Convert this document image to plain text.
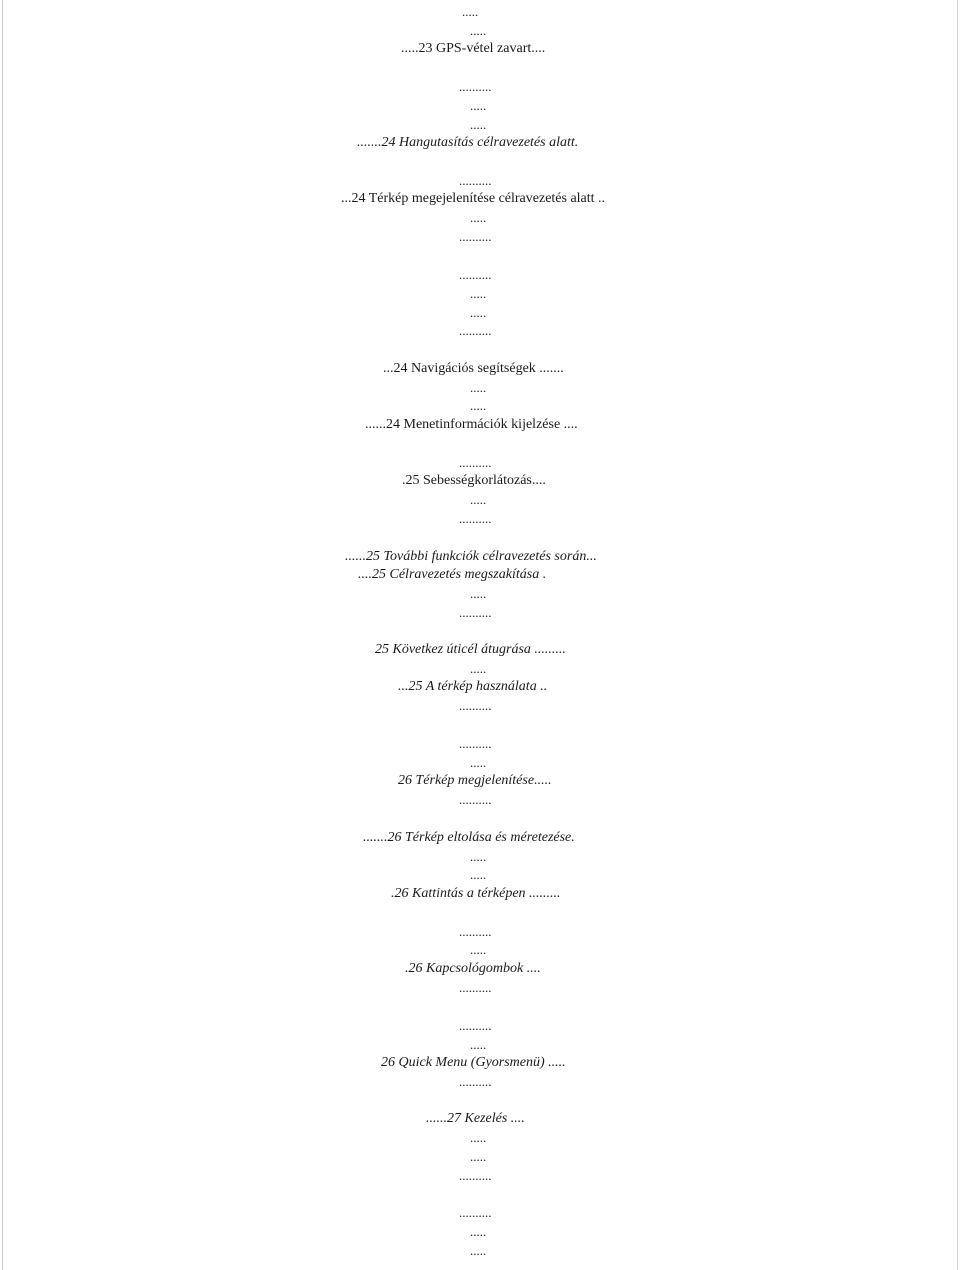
.....
.....
.....23 GPS-vétel zavart....
..........
.....
.....
.......24 Hangutasítás célravezetés alatt.
..........
...24 Térkép megejelenítése célravezetés alatt ..
.....
..........
..........
.....
.....
..........
...24 Navigációs segítségek .......
.....
.....
......24 Menetinformációk kijelzése ....
..........
.25 Sebességkorlátozás....
.....
..........
......25 További funkciók célravezetés során...
....25 Célravezetés megszakítása .
.....
..........
25 Következ úticél átugrása .........
.....
...25 A térkép használata ..
..........
..........
.....
26 Térkép megjelenítése.....
..........
.......26 Térkép eltolása és méretezése.
.....
.....
.26 Kattintás a térképen .........
..........
.....
.26 Kapcsológombok ....
..........
..........
.....
26 Quick Menu (Gyorsmenü) .....
..........
......27 Kezelés ....
.....
.....
..........
..........
.....
.....
